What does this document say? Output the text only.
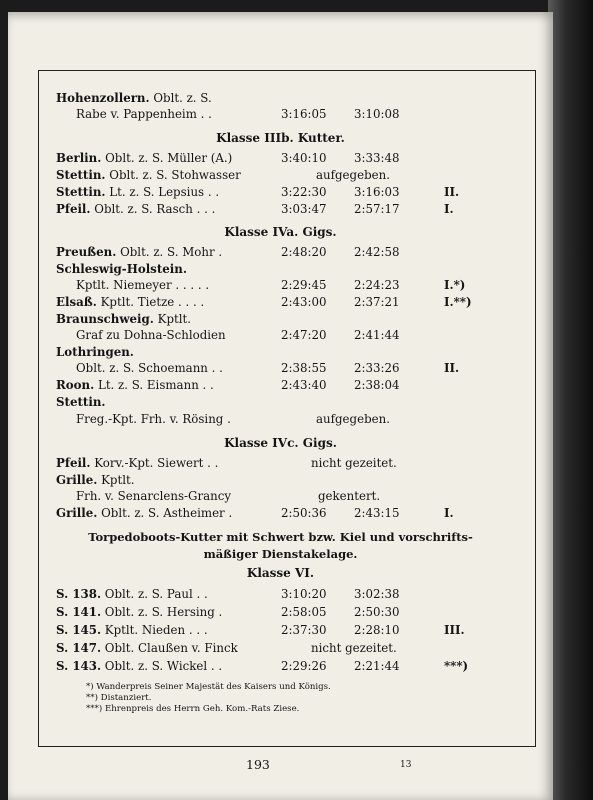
Hohenzollern. Oblt. z. S.
Rabe v. Pappenheim . .	3:16:05 3:10:08
Klasse IIIb. Kutter.
Berlin. Oblt. z. S. Müller (A.)	3:40:10 3:33:48
Stettin. Oblt. z. S. Stohwasser	aufgegeben.
Stettin. Lt. z. S. Lepsius . .	3:22:30 3:16:03	II.
Pfeil. Oblt. z. S. Rasch . . .	3:03:47 2:57:17	I.
Klasse IVa. Gigs.
Preußen. Oblt. z. S. Mohr .	2:48:20 2:42:58
Schleswig-Holstein.
Kptlt. Niemeyer . . . . .	2:29:45 2:24:23	I.*)
Elsaß. Kptlt. Tietze . . . .	2:43:00 2:37:21	I.**)
Braunschweig. Kptlt.
Graf zu Dohna-Schlodien	2:47:20 2:41:44
Lothringen.
Oblt. z. S. Schoemann . .	2:38:55 2:33:26	II.
Roon. Lt. z. S. Eismann . .	2:43:40 2:38:04
Stettin.
Freg.-Kpt. Frh. v. Rösing .	aufgegeben.
Klasse IVc. Gigs.
Pfeil. Korv.-Kpt. Siewert . .	nicht gezeitet.
Grille. Kptlt.
Frh. v. Senarclens-Grancy	gekentert.
Grille. Oblt. z. S. Astheimer .	2:50:36 2:43:15	I.
Torpedoboots-Kutter mit Schwert bzw. Kiel und vorschrifts-
mäßiger Dienstakelage.
Klasse VI.
S. 138. Oblt. z. S. Paul . .	3:10:20 3:02:38
S. 141. Oblt. z. S. Hersing .	2:58:05 2:50:30
S. 145. Kptlt. Nieden . . .	2:37:30 2:28:10	III.
S. 147. Oblt. Claußen v. Finck	nicht gezeitet.
S. 143. Oblt. z. S. Wickel . .	2:29:26 2:21:44	***)
*) Wanderpreis Seiner Majestät des Kaisers und Königs.
**) Distanziert.
***) Ehrenpreis des Herrn Geh. Kom.-Rats Ziese.
193	13
